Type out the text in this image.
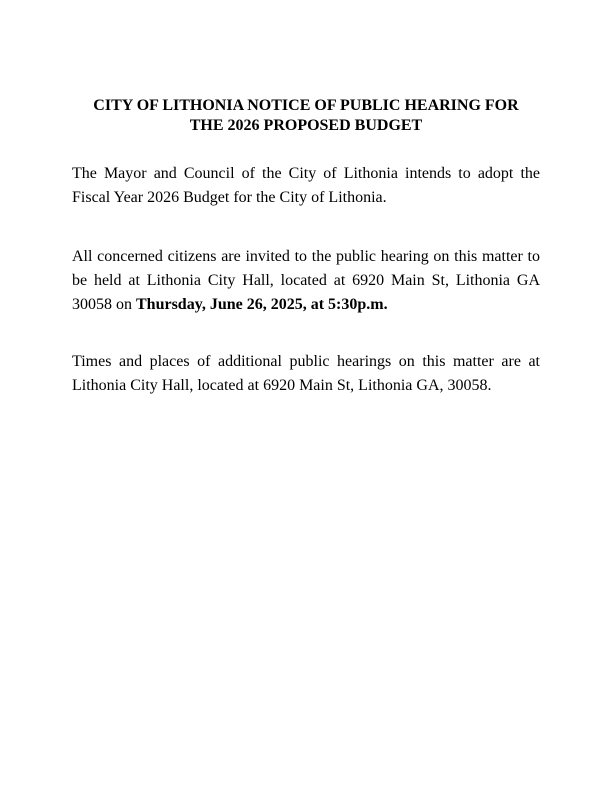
CITY OF LITHONIA NOTICE OF PUBLIC HEARING FOR
THE 2026 PROPOSED BUDGET

The Mayor and Council of the City of Lithonia intends to adopt the Fiscal Year 2026 Budget for the City of Lithonia.

All concerned citizens are invited to the public hearing on this matter to be held at Lithonia City Hall, located at 6920 Main St, Lithonia GA 30058 on Thursday, June 26, 2025, at 5:30p.m.

Times and places of additional public hearings on this matter are at Lithonia City Hall, located at 6920 Main St, Lithonia GA, 30058.
